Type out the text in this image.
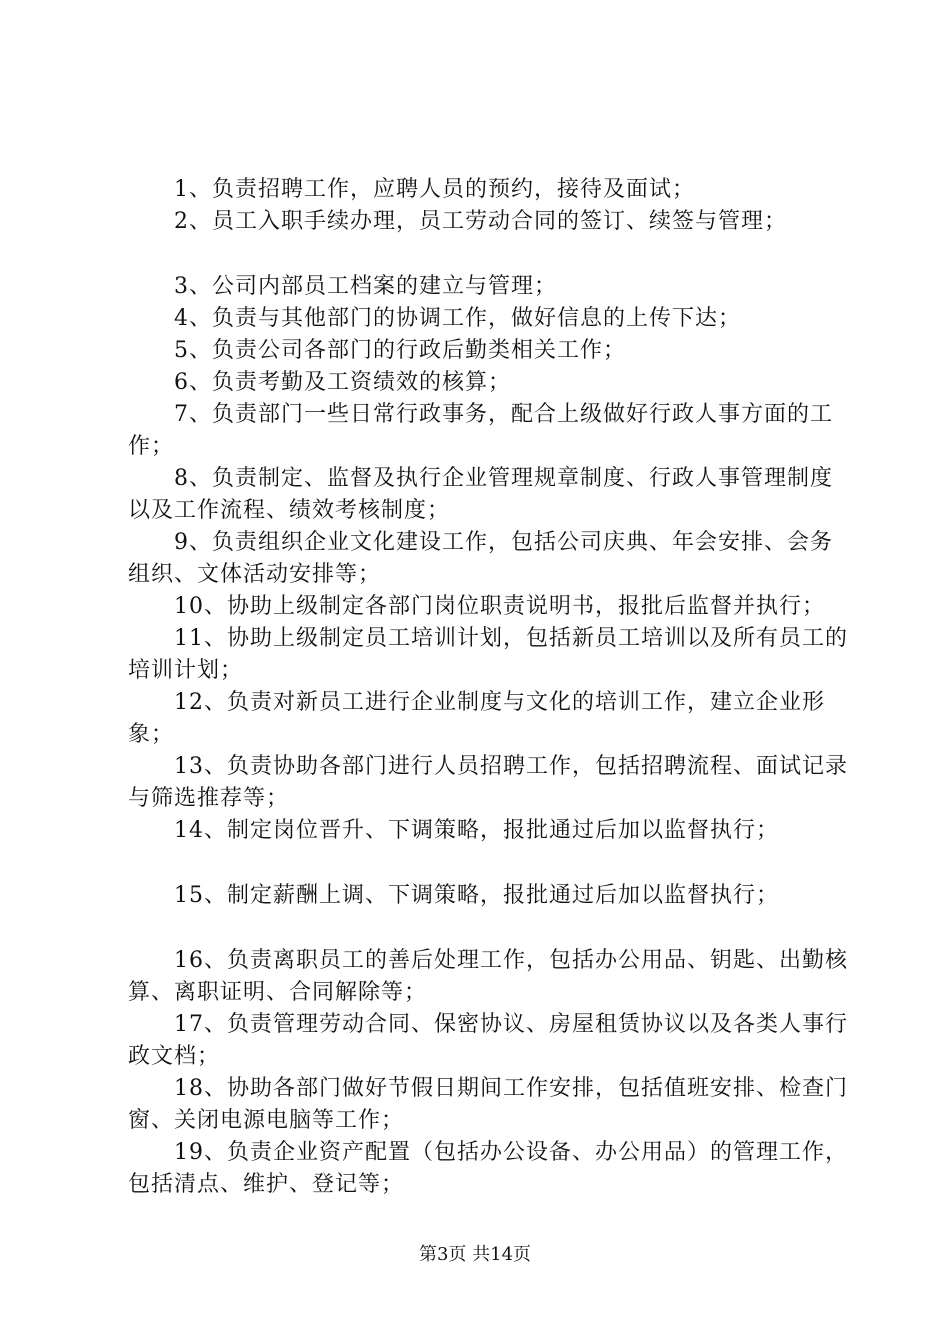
1、负责招聘工作，应聘人员的预约，接待及面试；

2、员工入职手续办理，员工劳动合同的签订、续签与管理；

3、公司内部员工档案的建立与管理；

4、负责与其他部门的协调工作，做好信息的上传下达；

5、负责公司各部门的行政后勤类相关工作；

6、负责考勤及工资绩效的核算；

7、负责部门一些日常行政事务，配合上级做好行政人事方面的工作；

8、负责制定、监督及执行企业管理规章制度、行政人事管理制度以及工作流程、绩效考核制度；

9、负责组织企业文化建设工作，包括公司庆典、年会安排、会务组织、文体活动安排等；

10、协助上级制定各部门岗位职责说明书，报批后监督并执行；

11、协助上级制定员工培训计划，包括新员工培训以及所有员工的培训计划；

12、负责对新员工进行企业制度与文化的培训工作，建立企业形象；

13、负责协助各部门进行人员招聘工作，包括招聘流程、面试记录与筛选推荐等；

14、制定岗位晋升、下调策略，报批通过后加以监督执行；

15、制定薪酬上调、下调策略，报批通过后加以监督执行；

16、负责离职员工的善后处理工作，包括办公用品、钥匙、出勤核算、离职证明、合同解除等；

17、负责管理劳动合同、保密协议、房屋租赁协议以及各类人事行政文档；

18、协助各部门做好节假日期间工作安排，包括值班安排、检查门窗、关闭电源电脑等工作；

19、负责企业资产配置（包括办公设备、办公用品）的管理工作，包括清点、维护、登记等；

第3页 共14页
